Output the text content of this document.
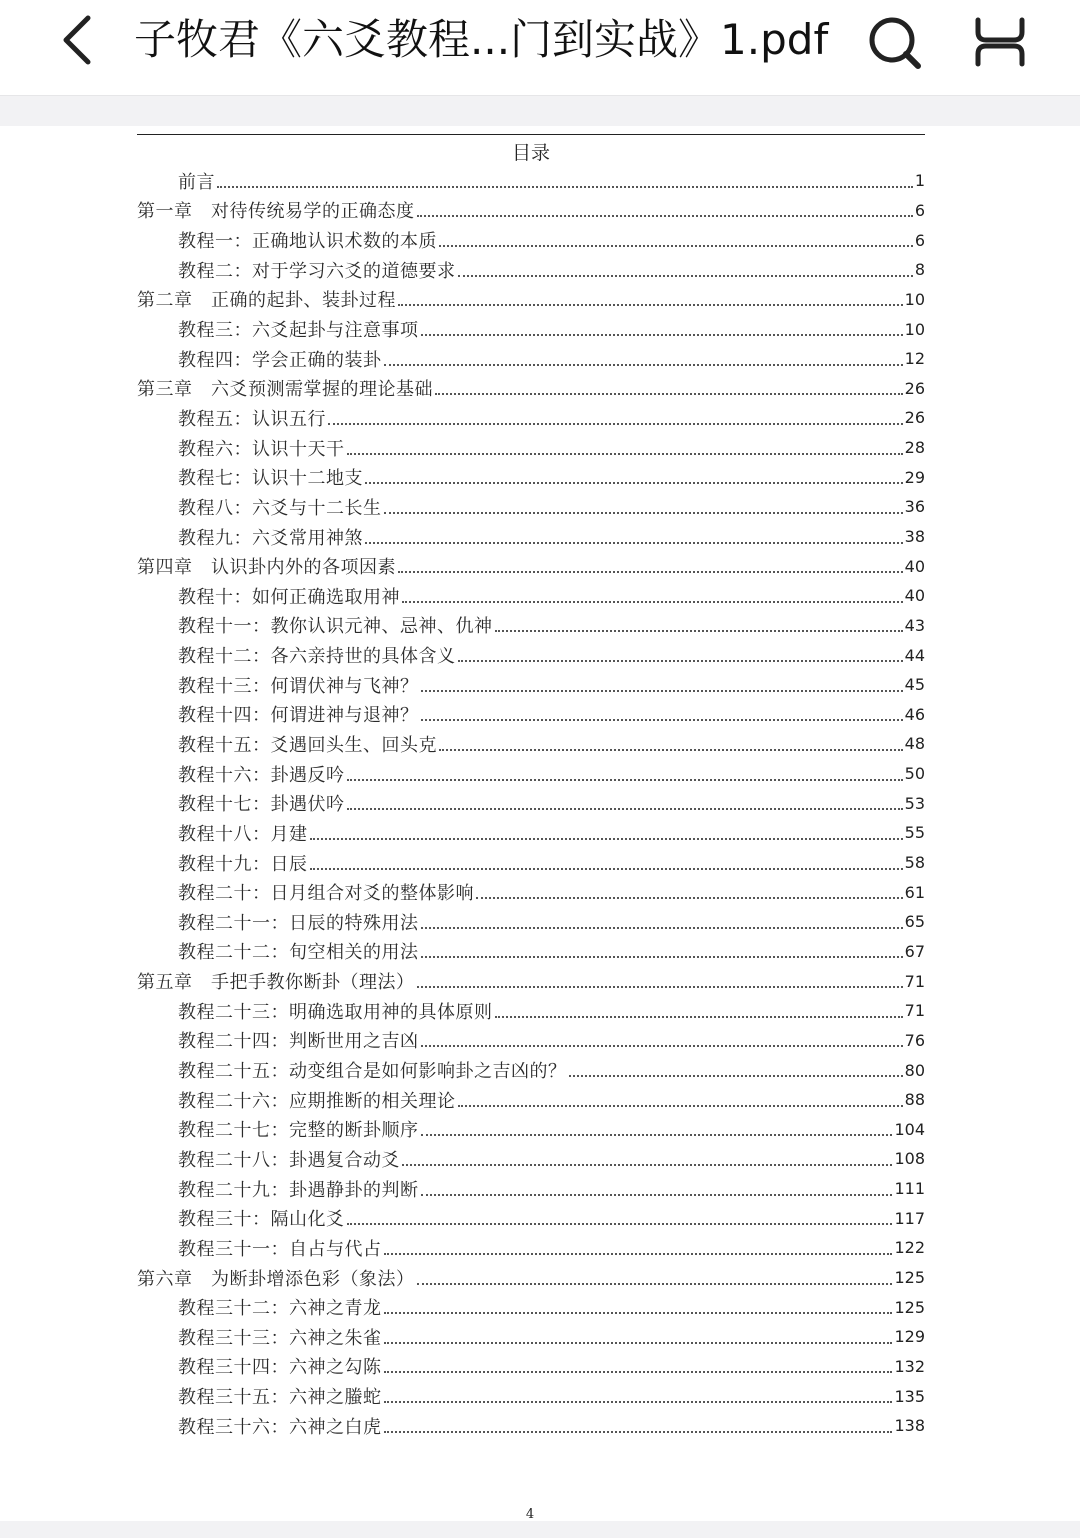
子牧君《六爻教程...门到实战》1.pdf
目录
前言	1
第一章　对待传统易学的正确态度	6
教程一：正确地认识术数的本质	6
教程二：对于学习六爻的道德要求	8
第二章　正确的起卦、装卦过程	10
教程三：六爻起卦与注意事项	10
教程四：学会正确的装卦	12
第三章　六爻预测需掌握的理论基础	26
教程五：认识五行	26
教程六：认识十天干	28
教程七：认识十二地支	29
教程八：六爻与十二长生	36
教程九：六爻常用神煞	38
第四章　认识卦内外的各项因素	40
教程十：如何正确选取用神	40
教程十一：教你认识元神、忌神、仇神	43
教程十二：各六亲持世的具体含义	44
教程十三：何谓伏神与飞神？	45
教程十四：何谓进神与退神？	46
教程十五：爻遇回头生、回头克	48
教程十六：卦遇反吟	50
教程十七：卦遇伏吟	53
教程十八：月建	55
教程十九：日辰	58
教程二十：日月组合对爻的整体影响	61
教程二十一：日辰的特殊用法	65
教程二十二：旬空相关的用法	67
第五章　手把手教你断卦（理法）	71
教程二十三：明确选取用神的具体原则	71
教程二十四：判断世用之吉凶	76
教程二十五：动变组合是如何影响卦之吉凶的？	80
教程二十六：应期推断的相关理论	88
教程二十七：完整的断卦顺序	104
教程二十八：卦遇复合动爻	108
教程二十九：卦遇静卦的判断	111
教程三十：隔山化爻	117
教程三十一：自占与代占	122
第六章　为断卦增添色彩（象法）	125
教程三十二：六神之青龙	125
教程三十三：六神之朱雀	129
教程三十四：六神之勾陈	132
教程三十五：六神之螣蛇	135
教程三十六：六神之白虎	138
4
